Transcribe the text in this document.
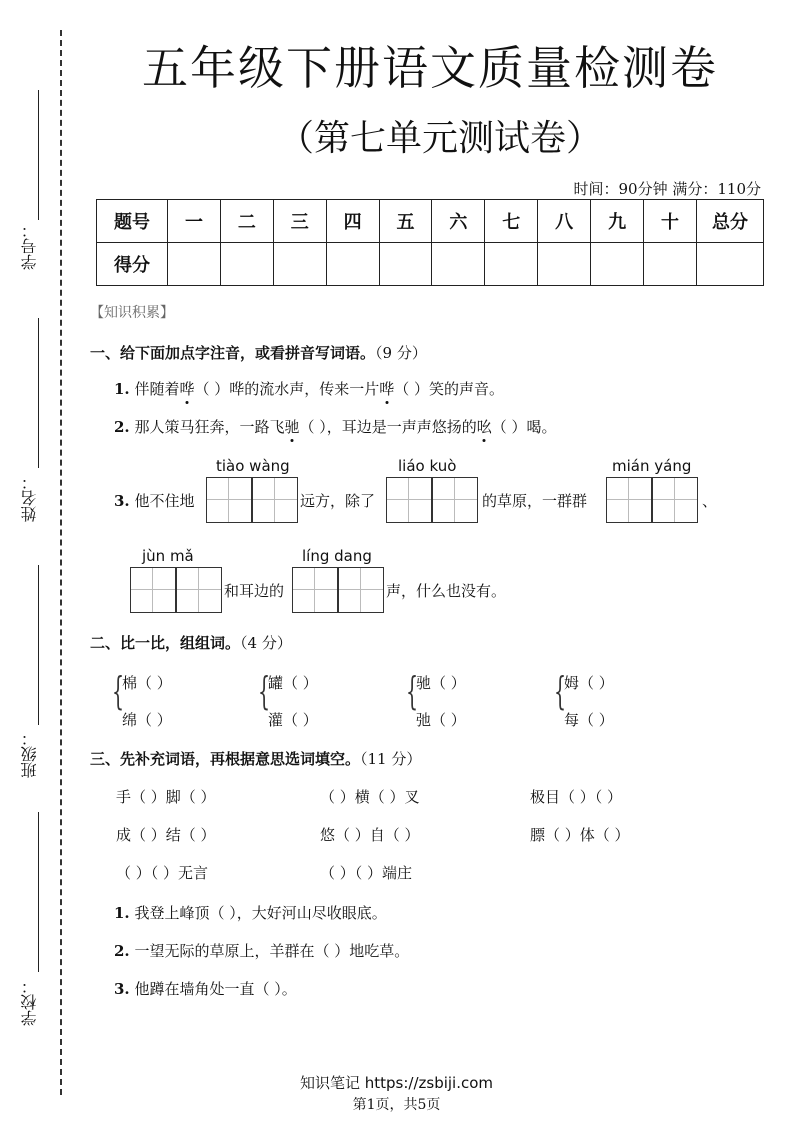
学号：
姓名：
班级：
学校：
五年级下册语文质量检测卷
（第七单元测试卷）
时间：90分钟 满分：110分
题号	一	二	三	四	五	六	七	八	九	十	总分
得分											
【知识积累】
一、给下面加点字注音，或看拼音写词语。（9 分）
1. 伴随着哗（ ）哗的流水声，传来一片哗（ ）笑的声音。
2. 那人策马狂奔，一路飞驰（ ），耳边是一声声悠扬的吆（ ）喝。
tiào wàng	liáo kuò	mián yáng
3. 他不住地	远方，除了	的草原，一群群	、
jùn mǎ	líng dang
和耳边的	声，什么也没有。
二、比一比，组组词。（4 分）
{
棉（ ）
绵（ ）
{
罐（ ）
灌（ ）
{
驰（ ）
弛（ ）
{
姆（ ）
每（ ）
三、先补充词语，再根据意思选词填空。（11 分）
手（ ）脚（ ）	（ ）横（ ）叉	极目（ ）（ ）
成（ ）结（ ）	悠（ ）自（ ）	膘（ ）体（ ）
（ ）（ ）无言	（ ）（ ）端庄
1. 我登上峰顶（ ），大好河山尽收眼底。
2. 一望无际的草原上，羊群在（ ）地吃草。
3. 他蹲在墙角处一直（ ）。
知识笔记 https://zsbiji.com
第1页，共5页
